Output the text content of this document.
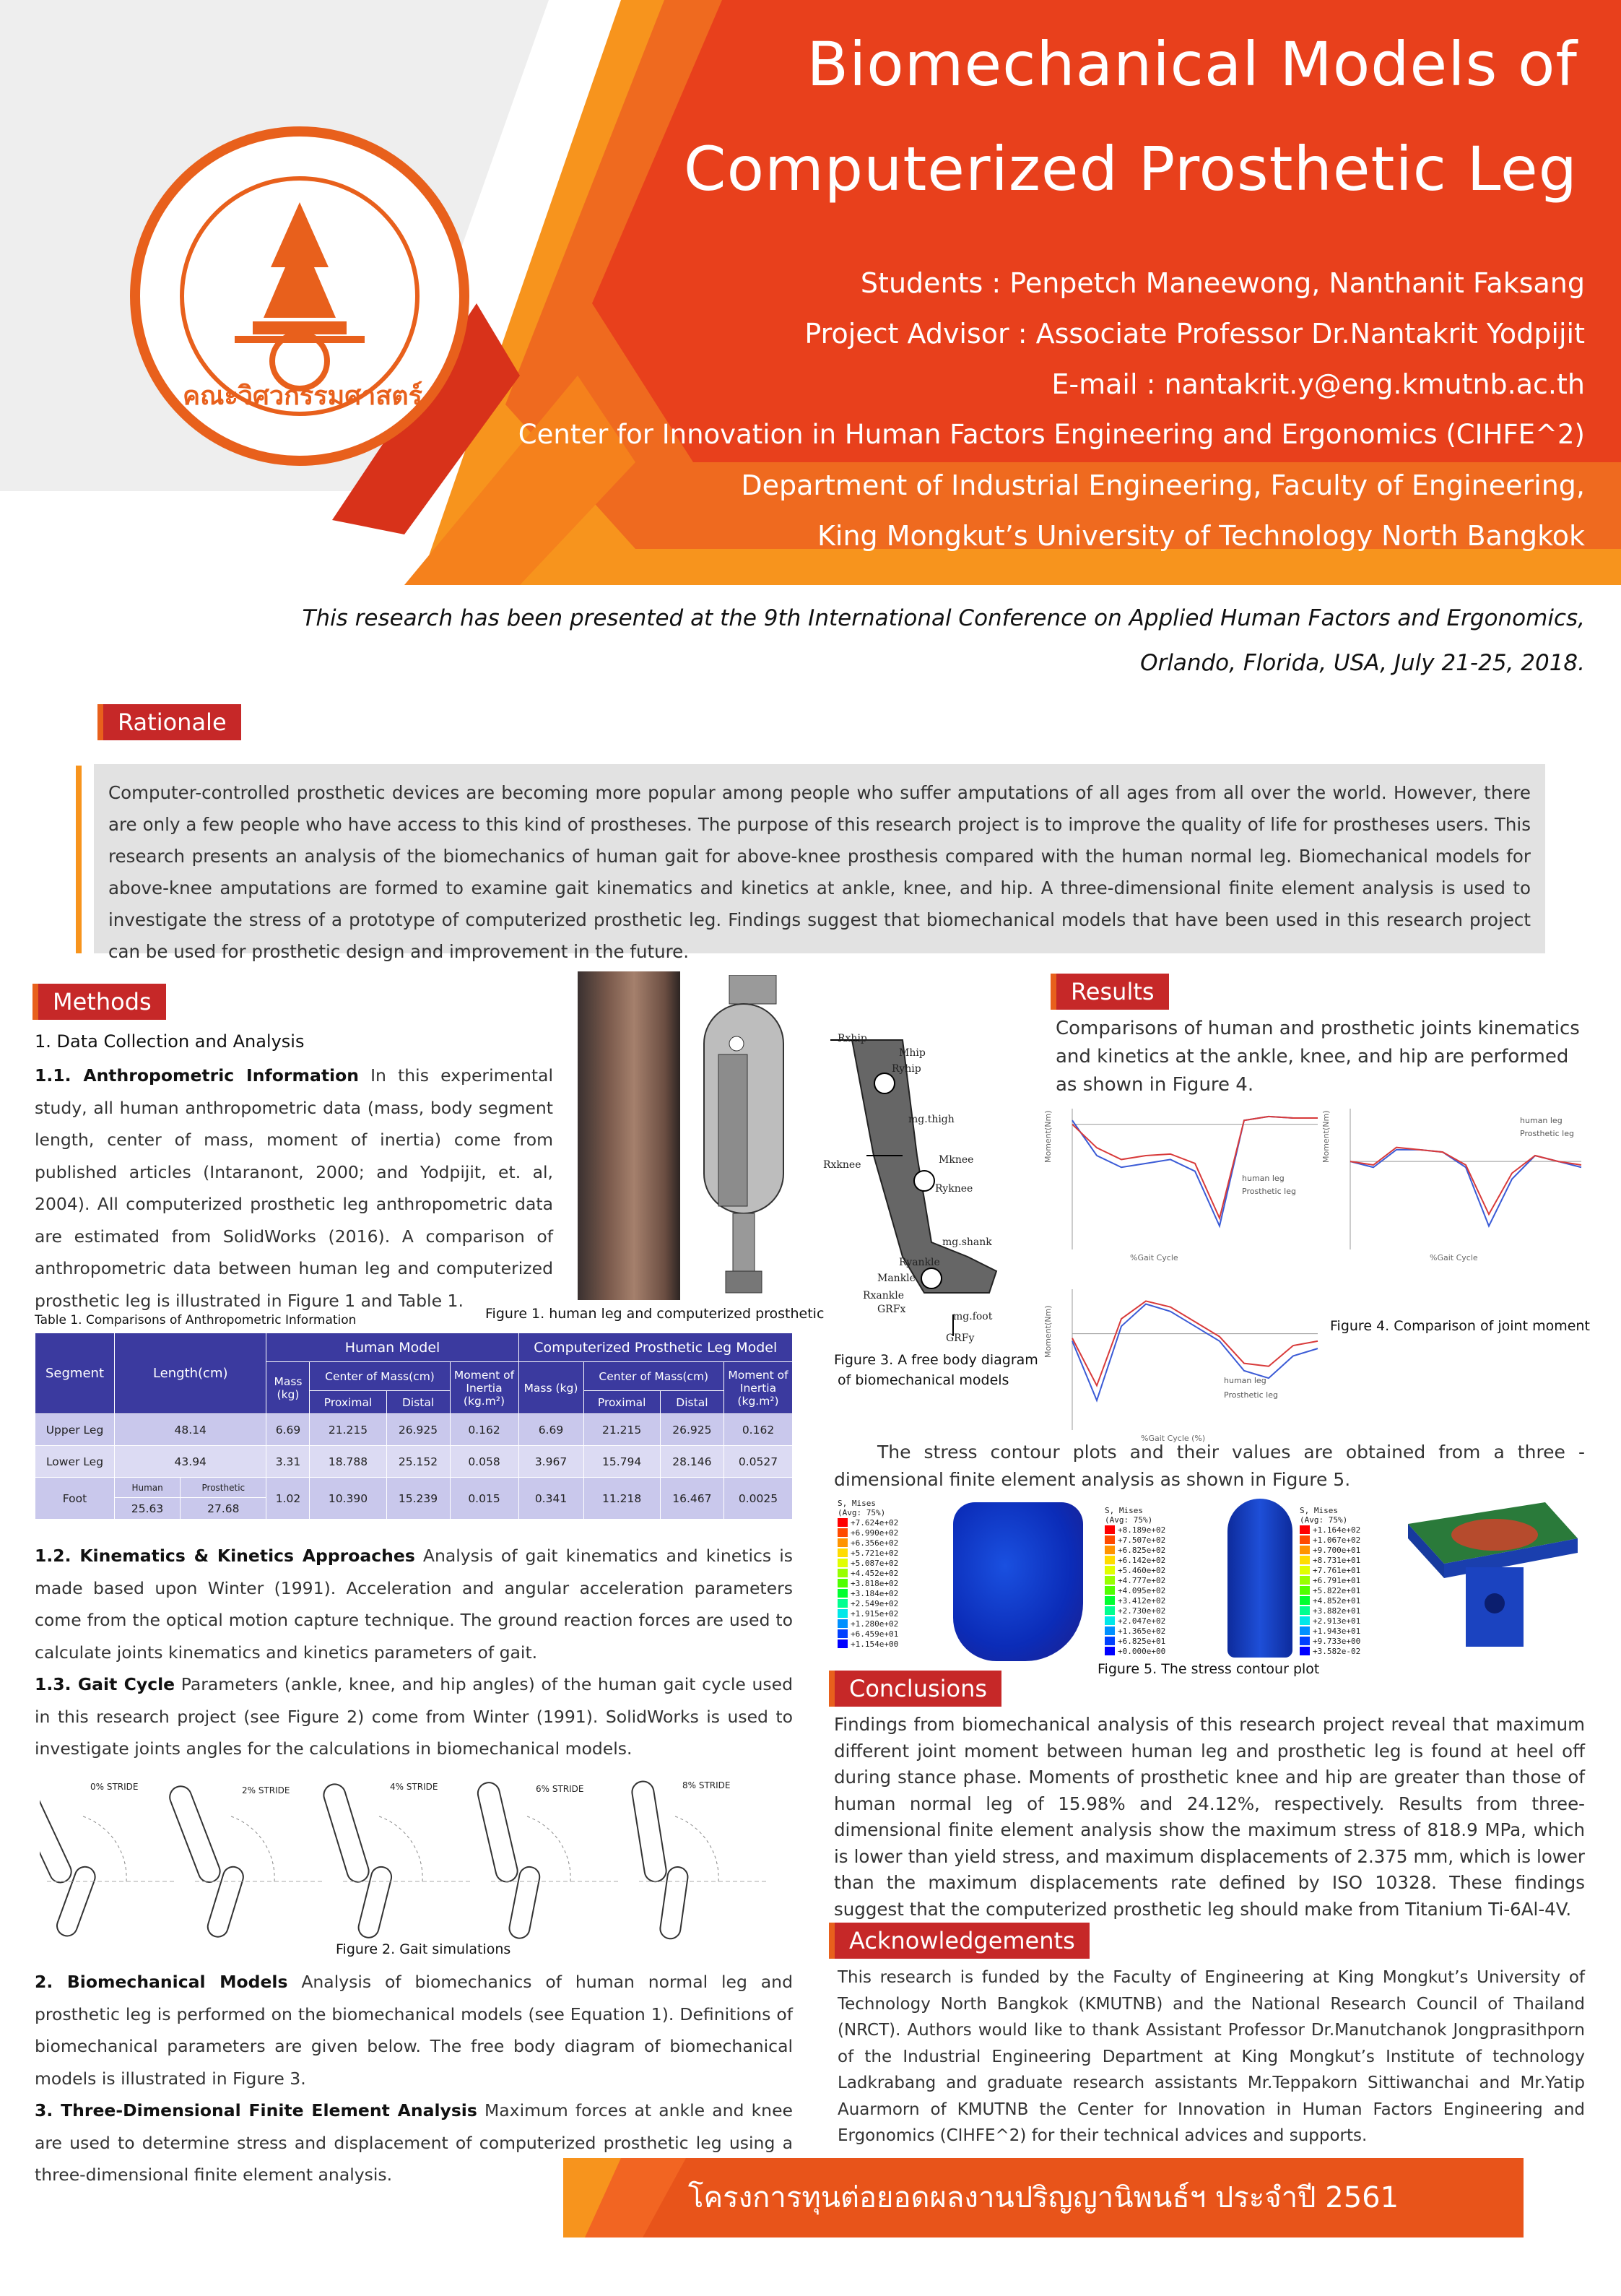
คณะวิศวกรรมศาสตร์
Biomechanical Models of
Computerized Prosthetic Leg
Students : Penpetch Maneewong, Nanthanit Faksang
Project Advisor : Associate Professor Dr.Nantakrit Yodpijit
E-mail : nantakrit.y@eng.kmutnb.ac.th
Center for Innovation in Human Factors Engineering and Ergonomics (CIHFE^2)
Department of Industrial Engineering, Faculty of Engineering,
King Mongkut’s University of Technology North Bangkok
This research has been presented at the 9th International Conference on Applied Human Factors and Ergonomics,
Orlando, Florida, USA, July 21-25, 2018.
Rationale
Computer-controlled prosthetic devices are becoming more popular among people who suffer amputations of all ages from all over the world. However, there are only a few people who have access to this kind of prostheses. The purpose of this research project is to improve the quality of life for prostheses users. This research presents an analysis of the biomechanics of human gait for above-knee prosthesis compared with the human normal leg. Biomechanical models for above-knee amputations are formed to examine gait kinematics and kinetics at ankle, knee, and hip. A three-dimensional finite element analysis is used to investigate the stress of a prototype of computerized prosthetic leg. Findings suggest that biomechanical models that have been used in this research project can be used for prosthetic design and improvement in the future.
Methods
1. Data Collection and Analysis
1.1. Anthropometric Information In this experimental study, all human anthropometric data (mass, body segment length, center of mass, moment of inertia) come from published articles (Intaranont, 2000; and Yodpijit, et. al, 2004). All computerized prosthetic leg anthropometric data are estimated from SolidWorks (2016). A comparison of anthropometric data between human leg and computerized prosthetic leg is illustrated in Figure 1 and Table 1.
Figure 1. human leg and computerized prosthetic
Rxhip
Mhip
Ryhip
mg.thigh
Rxknee	Mknee
Ryknee
mg.shank
Ryankle
Mankle
Rxankle
GRFx
mg.foot
GRFy
Figure 3. A free body diagram
of biomechanical models
Table 1. Comparisons of Anthropometric Information
Segment	Length(cm)		Human Model				Computerized Prosthetic Leg Model			
			Mass (kg)	Center of Mass(cm)		Moment of Inertia (kg.m²)	Mass (kg)	Center of Mass(cm)		Moment of Inertia (kg.m²)
				Proximal	Distal			Proximal	Distal	
Upper Leg	48.14		6.69	21.215	26.925	0.162	6.69	21.215	26.925	0.162
Lower Leg	43.94		3.31	18.788	25.152	0.058	3.967	15.794	28.146	0.0527
Foot	Human	Prosthetic	1.02	10.390	15.239	0.015	0.341	11.218	16.467	0.0025
	25.63	27.68								
1.2. Kinematics & Kinetics Approaches Analysis of gait kinematics and kinetics is made based upon Winter (1991). Acceleration and angular acceleration parameters come from the optical motion capture technique. The ground reaction forces are used to calculate joints kinematics and kinetics parameters of gait.
1.3. Gait Cycle Parameters (ankle, knee, and hip angles) of the human gait cycle used in this research project (see Figure 2) come from Winter (1991). SolidWorks is used to investigate joints angles for the calculations in biomechanical models.
0% STRIDE	2% STRIDE	4% STRIDE	6% STRIDE	8% STRIDE
Figure 2. Gait simulations
2. Biomechanical Models Analysis of biomechanics of human normal leg and prosthetic leg is performed on the biomechanical models (see Equation 1). Definitions of biomechanical parameters are given below. The free body diagram of biomechanical models is illustrated in Figure 3.
3. Three-Dimensional Finite Element Analysis Maximum forces at ankle and knee are used to determine stress and displacement of computerized prosthetic leg using a three-dimensional finite element analysis.
Results
Comparisons of human and prosthetic joints kinematics and kinetics at the ankle, knee, and hip are performed as shown in Figure 4.
%Gait Cycle	%Gait Cycle
%Gait Cycle (%)
Moment(Nm)	Moment(Nm)
Moment(Nm)
human leg
Prosthetic leg
human leg
Prosthetic leg
human leg
Prosthetic leg
Figure 4. Comparison of joint moment
The stress contour plots and their values are obtained from a three - dimensional finite element analysis as shown in Figure 5.
S, Mises
(Avg: 75%)
+7.624e+02
+6.990e+02
+6.356e+02
+5.721e+02
+5.087e+02
+4.452e+02
+3.818e+02
+3.184e+02
+2.549e+02
+1.915e+02
+1.280e+02
+6.459e+01
+1.154e+00
S, Mises
(Avg: 75%)
+8.189e+02
+7.507e+02
+6.825e+02
+6.142e+02
+5.460e+02
+4.777e+02
+4.095e+02
+3.412e+02
+2.730e+02
+2.047e+02
+1.365e+02
+6.825e+01
+0.000e+00
S, Mises
(Avg: 75%)
+1.164e+02
+1.067e+02
+9.700e+01
+8.731e+01
+7.761e+01
+6.791e+01
+5.822e+01
+4.852e+01
+3.882e+01
+2.913e+01
+1.943e+01
+9.733e+00
+3.582e-02
Figure 5. The stress contour plot
Conclusions
Findings from biomechanical analysis of this research project reveal that maximum different joint moment between human leg and prosthetic leg is found at heel off during stance phase. Moments of prosthetic knee and hip are greater than those of human normal leg of 15.98% and 24.12%, respectively. Results from three-dimensional finite element analysis show the maximum stress of 818.9 MPa, which is lower than yield stress, and maximum displacements of 2.375 mm, which is lower than the maximum displacements rate defined by ISO 10328. These findings suggest that the computerized prosthetic leg should make from Titanium Ti-6Al-4V.
Acknowledgements
This research is funded by the Faculty of Engineering at King Mongkut’s University of Technology North Bangkok (KMUTNB) and the National Research Council of Thailand (NRCT). Authors would like to thank Assistant Professor Dr.Manutchanok Jongprasithporn of the Industrial Engineering Department at King Mongkut’s Institute of technology Ladkrabang and graduate research assistants Mr.Teppakorn Sittiwanchai and Mr.Yatip Auarmorn of KMUTNB the Center for Innovation in Human Factors Engineering and Ergonomics (CIHFE^2) for their technical advices and supports.
โครงการทุนต่อยอดผลงานปริญญานิพนธ์ฯ ประจำปี 2561
